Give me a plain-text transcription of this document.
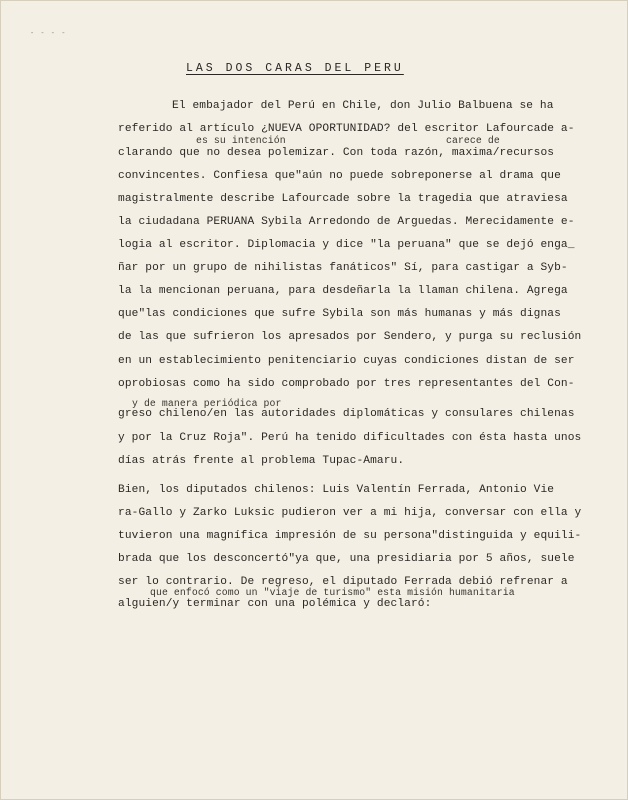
- - - -
LAS DOS CARAS DEL PERU
es su intención	carece de
y de manera periódica por
que enfocó como un "viaje de turismo" esta misión humanitaria
El embajador del Perú en Chile, don Julio Balbuena se ha
referido al artículo ¿NUEVA OPORTUNIDAD? del escritor Lafourcade a-
clarando que no desea polemizar. Con toda razón, maxima/recursos
convincentes. Confiesa que"aún no puede sobreponerse al drama que
magistralmente describe Lafourcade sobre la tragedia que atraviesa
la ciudadana PERUANA Sybila Arredondo de Arguedas. Merecidamente e-
logia al escritor. Diplomacia y dice "la peruana" que se dejó enga_
ñar por un grupo de nihilistas fanáticos" Sí, para castigar a Syb-
la la mencionan peruana, para desdeñarla la llaman chilena. Agrega
que"las condiciones que sufre Sybila son más humanas y más dignas
de las que sufrieron los apresados por Sendero, y purga su reclusión
en un establecimiento penitenciario cuyas condiciones distan de ser
oprobiosas como ha sido comprobado por tres representantes del Con-
greso chileno/en las autoridades diplomáticas y consulares chilenas
y por la Cruz Roja". Perú ha tenido dificultades con ésta hasta unos
días atrás frente al problema Tupac-Amaru.
Bien, los diputados chilenos: Luis Valentín Ferrada, Antonio Vie
ra-Gallo y Zarko Luksic pudieron ver a mi hija, conversar con ella y
tuvieron una magnífica impresión de su persona"distinguida y equili-
brada que los desconcertó"ya que, una presidiaria por 5 años, suele
ser lo contrario. De regreso, el diputado Ferrada debió refrenar a
alguien/y terminar con una polémica y declaró:
